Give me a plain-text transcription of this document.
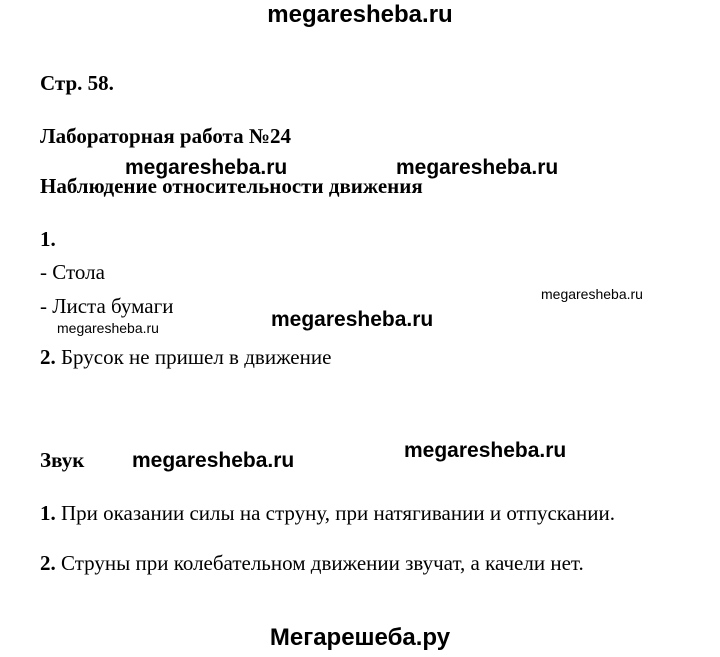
megaresheba.ru
Стр. 58.
Лабораторная работа №24
megaresheba.ru	megaresheba.ru
Наблюдение относительности движения
1.
- Стола
- Листа бумаги	megaresheba.ru
megaresheba.ru
megaresheba.ru
2. Брусок не пришел в движение
Звук megaresheba.ru	megaresheba.ru
1. При оказании силы на струну, при натягивании и отпускании.
2. Струны при колебательном движении звучат, а качели нет.
Мегарешеба.ру
